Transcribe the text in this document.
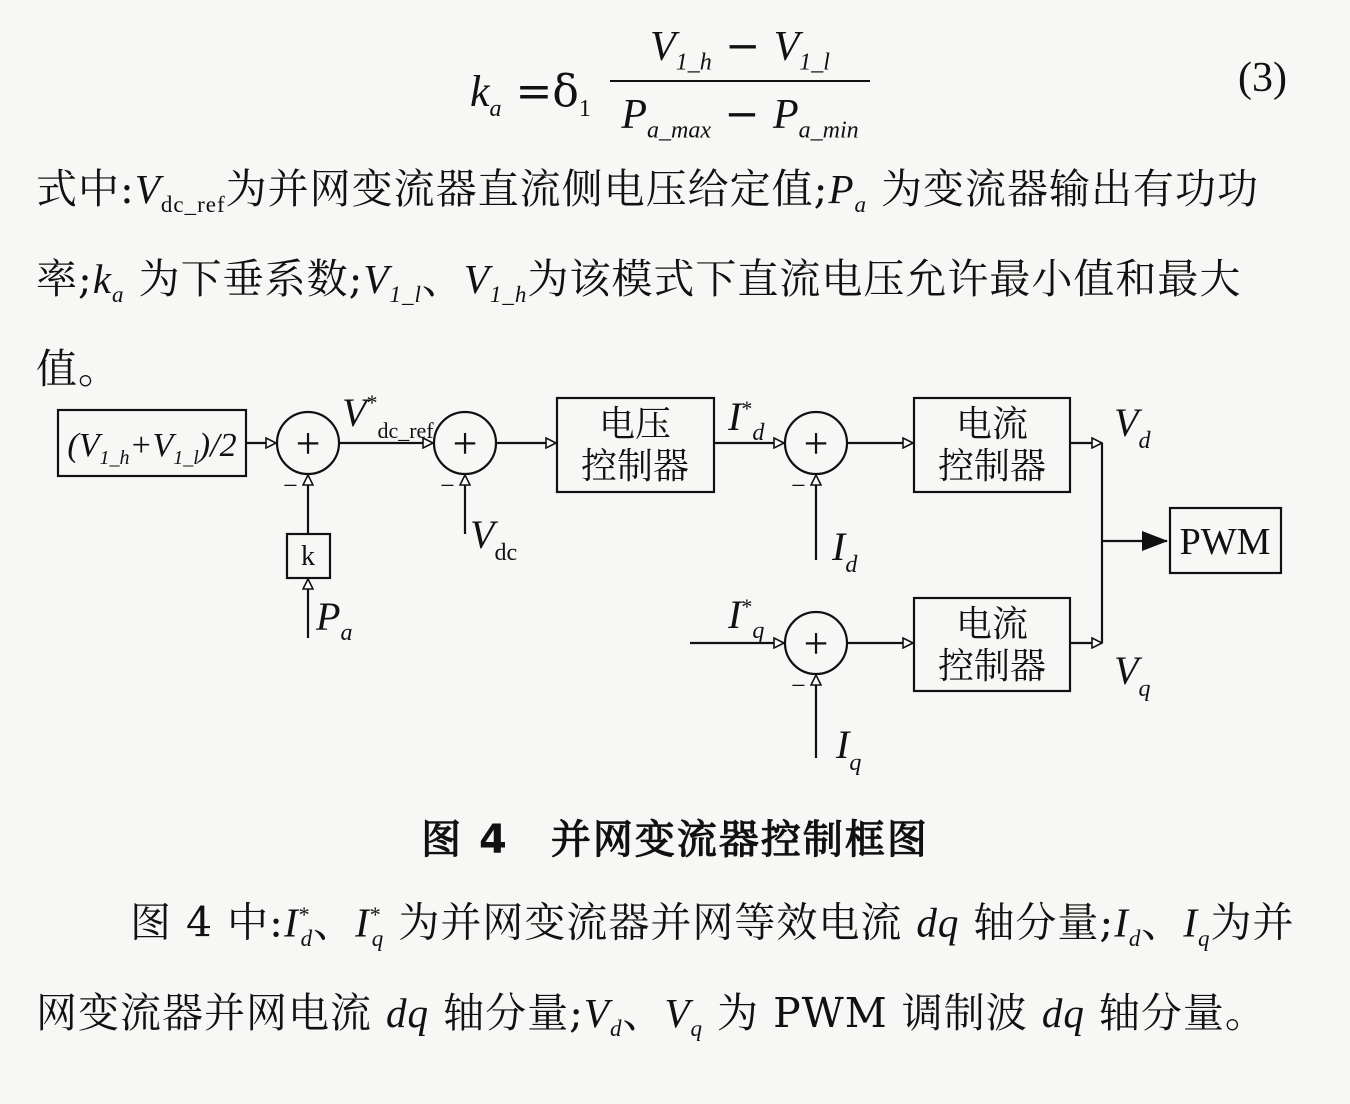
$k_a =\delta_1$
$V_{1\_h} - V_{1\_l}$
$P_{a\_max} - P_{a\_min}$
(3)
式中$:V_{dc\_ref}$为并网变流器直流侧电压给定值$;P_a$ 为变流器输出有功功率$;k_a$ 为下垂系数$;V_{1\_l}$、$V_{1\_h}$为该模式下直流电压允许最小值和最大值。
$(V_{1\_h}+V_{1\_l})/2$ +	+	+
+
−	−	−
−
k	PWM
$V^*_{dc\_ref}$
$V_{dc}$
$P_a$
$I^*_d$
$I_d$
$I^*_q$
$I_q$
$V_d$
$V_q$
电压
控制器
电流
控制器
电流
控制器
图 4　并网变流器控制框图
图 4 中$:I^*_d$、$I^*_q$ 为并网变流器并网等效电流 dq 轴分量$;I_d$、$I_q$为并网变流器并网电流 dq 轴分量$;V_d$、$V_q$ 为 PWM 调制波 dq 轴分量。
